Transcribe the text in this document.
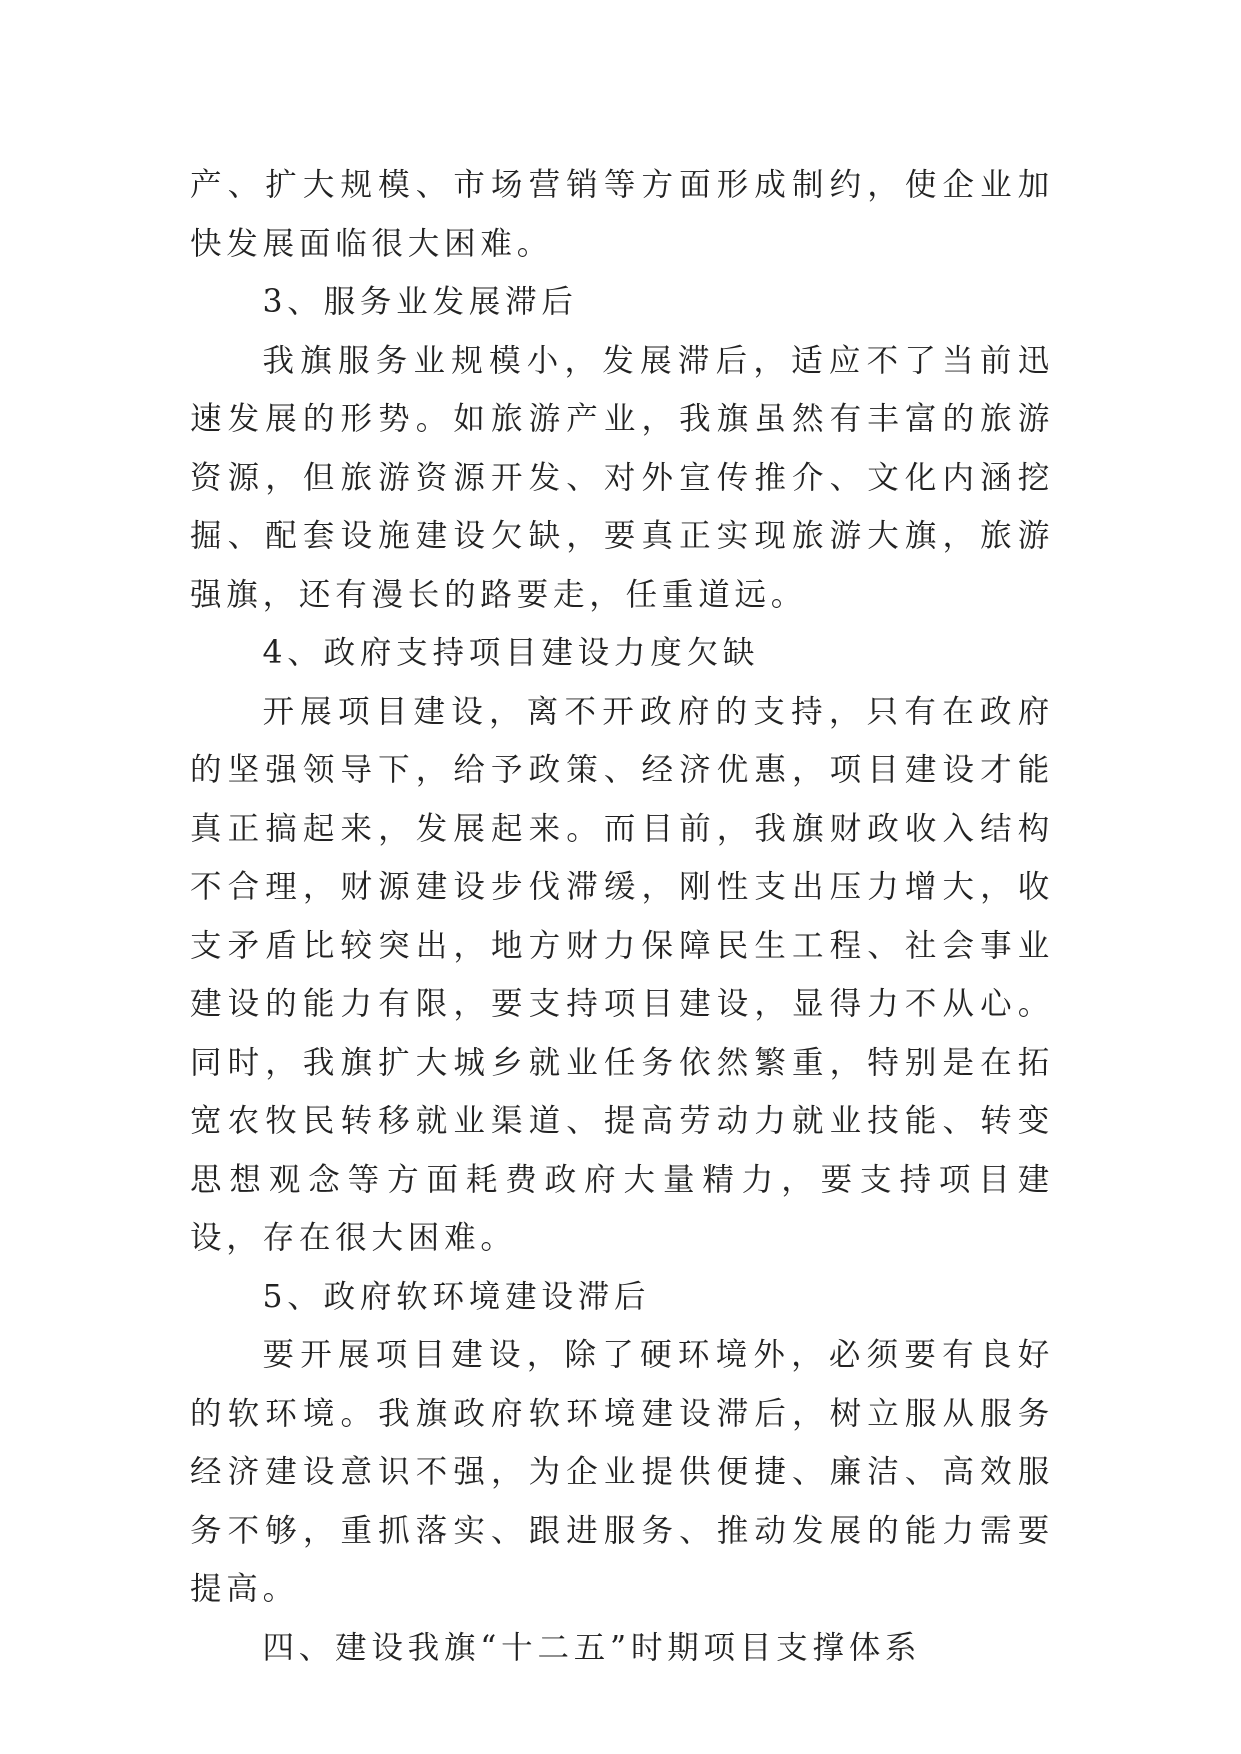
产、扩大规模、市场营销等方面形成制约，使企业加快发展面临很大困难。

3、服务业发展滞后

我旗服务业规模小，发展滞后，适应不了当前迅速发展的形势。如旅游产业，我旗虽然有丰富的旅游资源，但旅游资源开发、对外宣传推介、文化内涵挖掘、配套设施建设欠缺，要真正实现旅游大旗，旅游强旗，还有漫长的路要走，任重道远。

4、政府支持项目建设力度欠缺

开展项目建设，离不开政府的支持，只有在政府的坚强领导下，给予政策、经济优惠，项目建设才能真正搞起来，发展起来。而目前，我旗财政收入结构不合理，财源建设步伐滞缓，刚性支出压力增大，收支矛盾比较突出，地方财力保障民生工程、社会事业建设的能力有限，要支持项目建设，显得力不从心。同时，我旗扩大城乡就业任务依然繁重，特别是在拓宽农牧民转移就业渠道、提高劳动力就业技能、转变思想观念等方面耗费政府大量精力，要支持项目建设，存在很大困难。

5、政府软环境建设滞后

要开展项目建设，除了硬环境外，必须要有良好的软环境。我旗政府软环境建设滞后，树立服从服务经济建设意识不强，为企业提供便捷、廉洁、高效服务不够，重抓落实、跟进服务、推动发展的能力需要提高。

四、建设我旗“十二五”时期项目支撑体系
